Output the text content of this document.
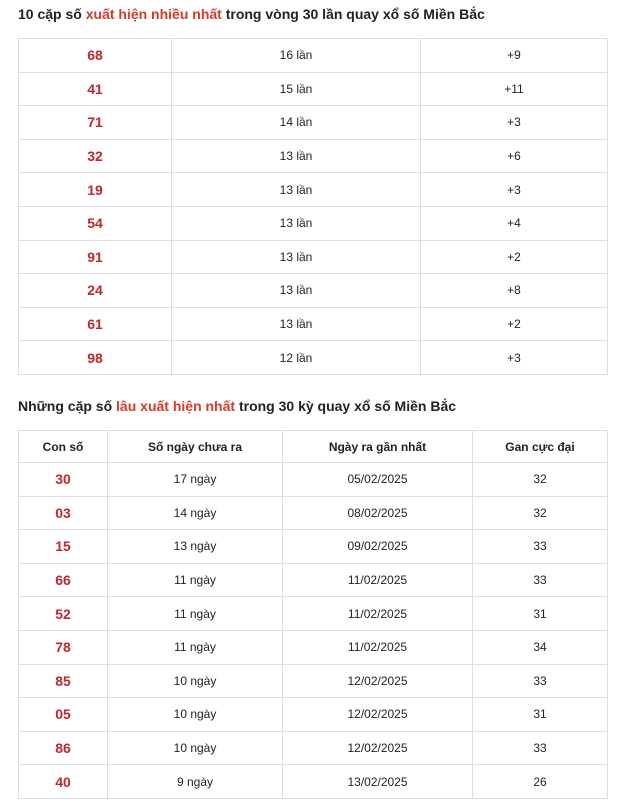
10 cặp số xuất hiện nhiều nhất trong vòng 30 lần quay xổ số Miền Bắc
68	16 lần	+9
41	15 lần	+11
71	14 lần	+3
32	13 lần	+6
19	13 lần	+3
54	13 lần	+4
91	13 lần	+2
24	13 lần	+8
61	13 lần	+2
98	12 lần	+3
Những cặp số lâu xuất hiện nhất trong 30 kỳ quay xổ số Miền Bắc
Con số	Số ngày chưa ra	Ngày ra gần nhất	Gan cực đại
30	17 ngày	05/02/2025	32
03	14 ngày	08/02/2025	32
15	13 ngày	09/02/2025	33
66	11 ngày	11/02/2025	33
52	11 ngày	11/02/2025	31
78	11 ngày	11/02/2025	34
85	10 ngày	12/02/2025	33
05	10 ngày	12/02/2025	31
86	10 ngày	12/02/2025	33
40	9 ngày	13/02/2025	26
